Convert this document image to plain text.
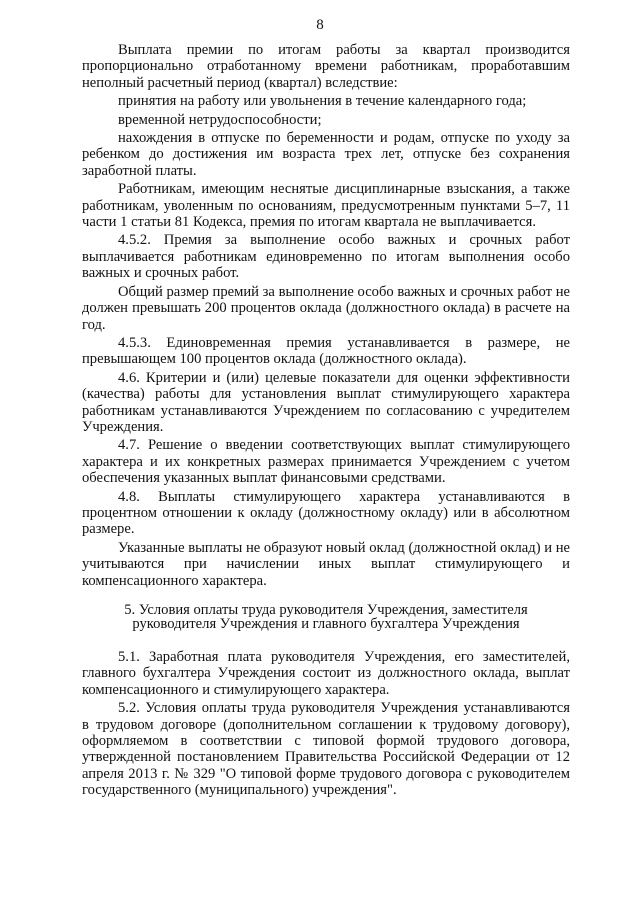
8

Выплата премии по итогам работы за квартал производится пропорционально отработанному времени работникам, проработавшим неполный расчетный период (квартал) вследствие:

принятия на работу или увольнения в течение календарного года;

временной нетрудоспособности;

нахождения в отпуске по беременности и родам, отпуске по уходу за ребенком до достижения им возраста трех лет, отпуске без сохранения заработной платы.

Работникам, имеющим неснятые дисциплинарные взыскания, а также работникам, уволенным по основаниям, предусмотренным пунктами 5–7, 11 части 1 статьи 81 Кодекса, премия по итогам квартала не выплачивается.

4.5.2. Премия за выполнение особо важных и срочных работ выплачивается работникам единовременно по итогам выполнения особо важных и срочных работ.

Общий размер премий за выполнение особо важных и срочных работ не должен превышать 200 процентов оклада (должностного оклада) в расчете на год.

4.5.3. Единовременная премия устанавливается в размере, не превышающем 100 процентов оклада (должностного оклада).

4.6. Критерии и (или) целевые показатели для оценки эффективности (качества) работы для установления выплат стимулирующего характера работникам устанавливаются Учреждением по согласованию с учредителем Учреждения.

4.7. Решение о введении соответствующих выплат стимулирующего характера и их конкретных размерах принимается Учреждением с учетом обеспечения указанных выплат финансовыми средствами.

4.8. Выплаты стимулирующего характера устанавливаются в процентном отношении к окладу (должностному окладу) или в абсолютном размере.

Указанные выплаты не образуют новый оклад (должностной оклад) и не учитываются при начислении иных выплат стимулирующего и компенсационного характера.

5. Условия оплаты труда руководителя Учреждения, заместителя
руководителя Учреждения и главного бухгалтера Учреждения

5.1. Заработная плата руководителя Учреждения, его заместителей, главного бухгалтера Учреждения состоит из должностного оклада, выплат компенсационного и стимулирующего характера.

5.2. Условия оплаты труда руководителя Учреждения устанавливаются в трудовом договоре (дополнительном соглашении к трудовому договору), оформляемом в соответствии с типовой формой трудового договора, утвержденной постановлением Правительства Российской Федерации от 12 апреля 2013 г. № 329 "О типовой форме трудового договора с руководителем государственного (муниципального) учреждения".
